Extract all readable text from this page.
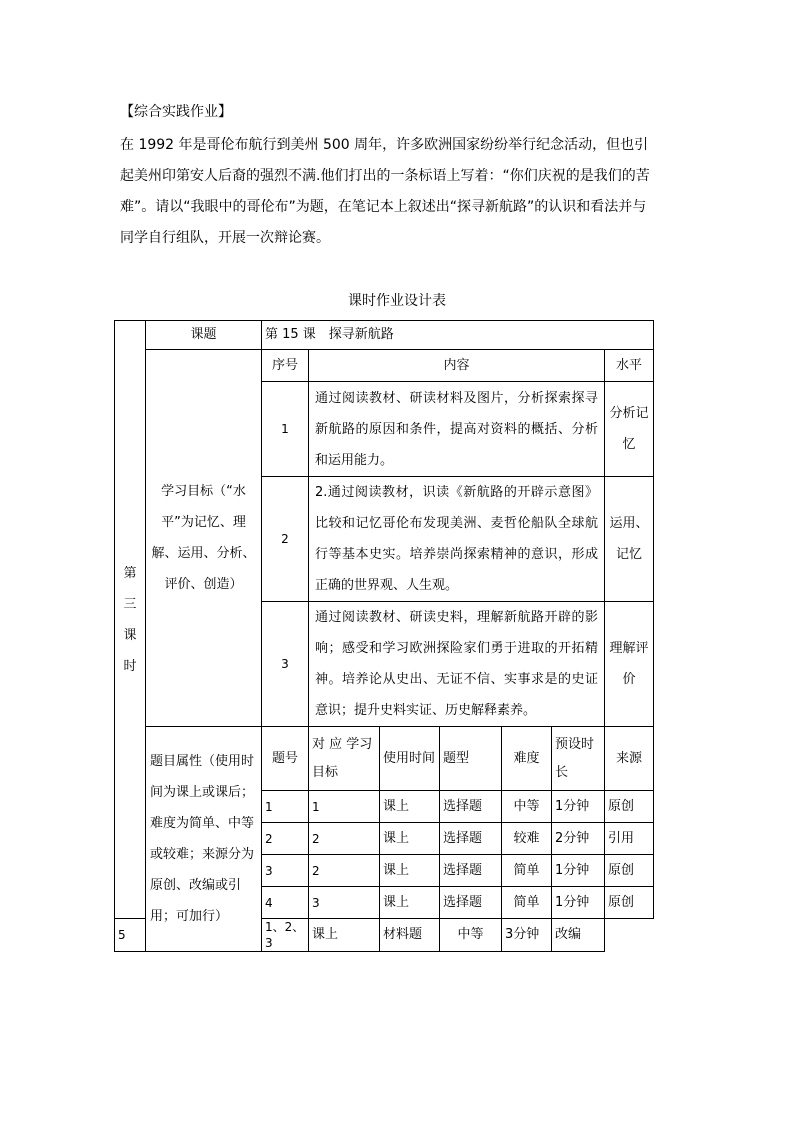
【综合实践作业】
在 1992 年是哥伦布航行到美州 500 周年，许多欧洲国家纷纷举行纪念活动，但也引起美州印第安人后裔的强烈不满.他们打出的一条标语上写着：“你们庆祝的是我们的苦难”。请以“我眼中的哥伦布”为题，在笔记本上叙述出“探寻新航路”的认识和看法并与同学自行组队，开展一次辩论赛。
课时作业设计表
第
三
课
时	课题	第 15 课　探寻新航路						
	学习目标（“水平”为记忆、理解、运用、分析、评价、创造）	序号	内容					水平
		1	通过阅读教材、研读材料及图片，分析探索探寻新航路的原因和条件，提高对资料的概括、分析和运用能力。					分析记忆
		2	2.通过阅读教材，识读《新航路的开辟示意图》 比较和记忆哥伦布发现美洲、麦哲伦船队全球航行等基本史实。培养崇尚探索精神的意识，形成正确的世界观、人生观。					运用、记忆
		3	通过阅读教材、研读史料，理解新航路开辟的影响；感受和学习欧洲探险家们勇于进取的开拓精神。培养论从史出、无证不信、实事求是的史证意识；提升史料实证、历史解释素养。					理解评价
	题目属性（使用时间为课上或课后；难度为简单、中等或较难；来源分为原创、改编或引用；可加行）	题号	对 应 学习目标	使用时间	题型	难度	预设时长	来源
		1	1	课上	选择题	中等	1分钟	原创
		2	2	课上	选择题	较难	2分钟	引用
		3	2	课上	选择题	简单	1分钟	原创
		4	3	课上	选择题	简单	1分钟	原创
5		1、2、3	课上	材料题	中等	3分钟	改编	
